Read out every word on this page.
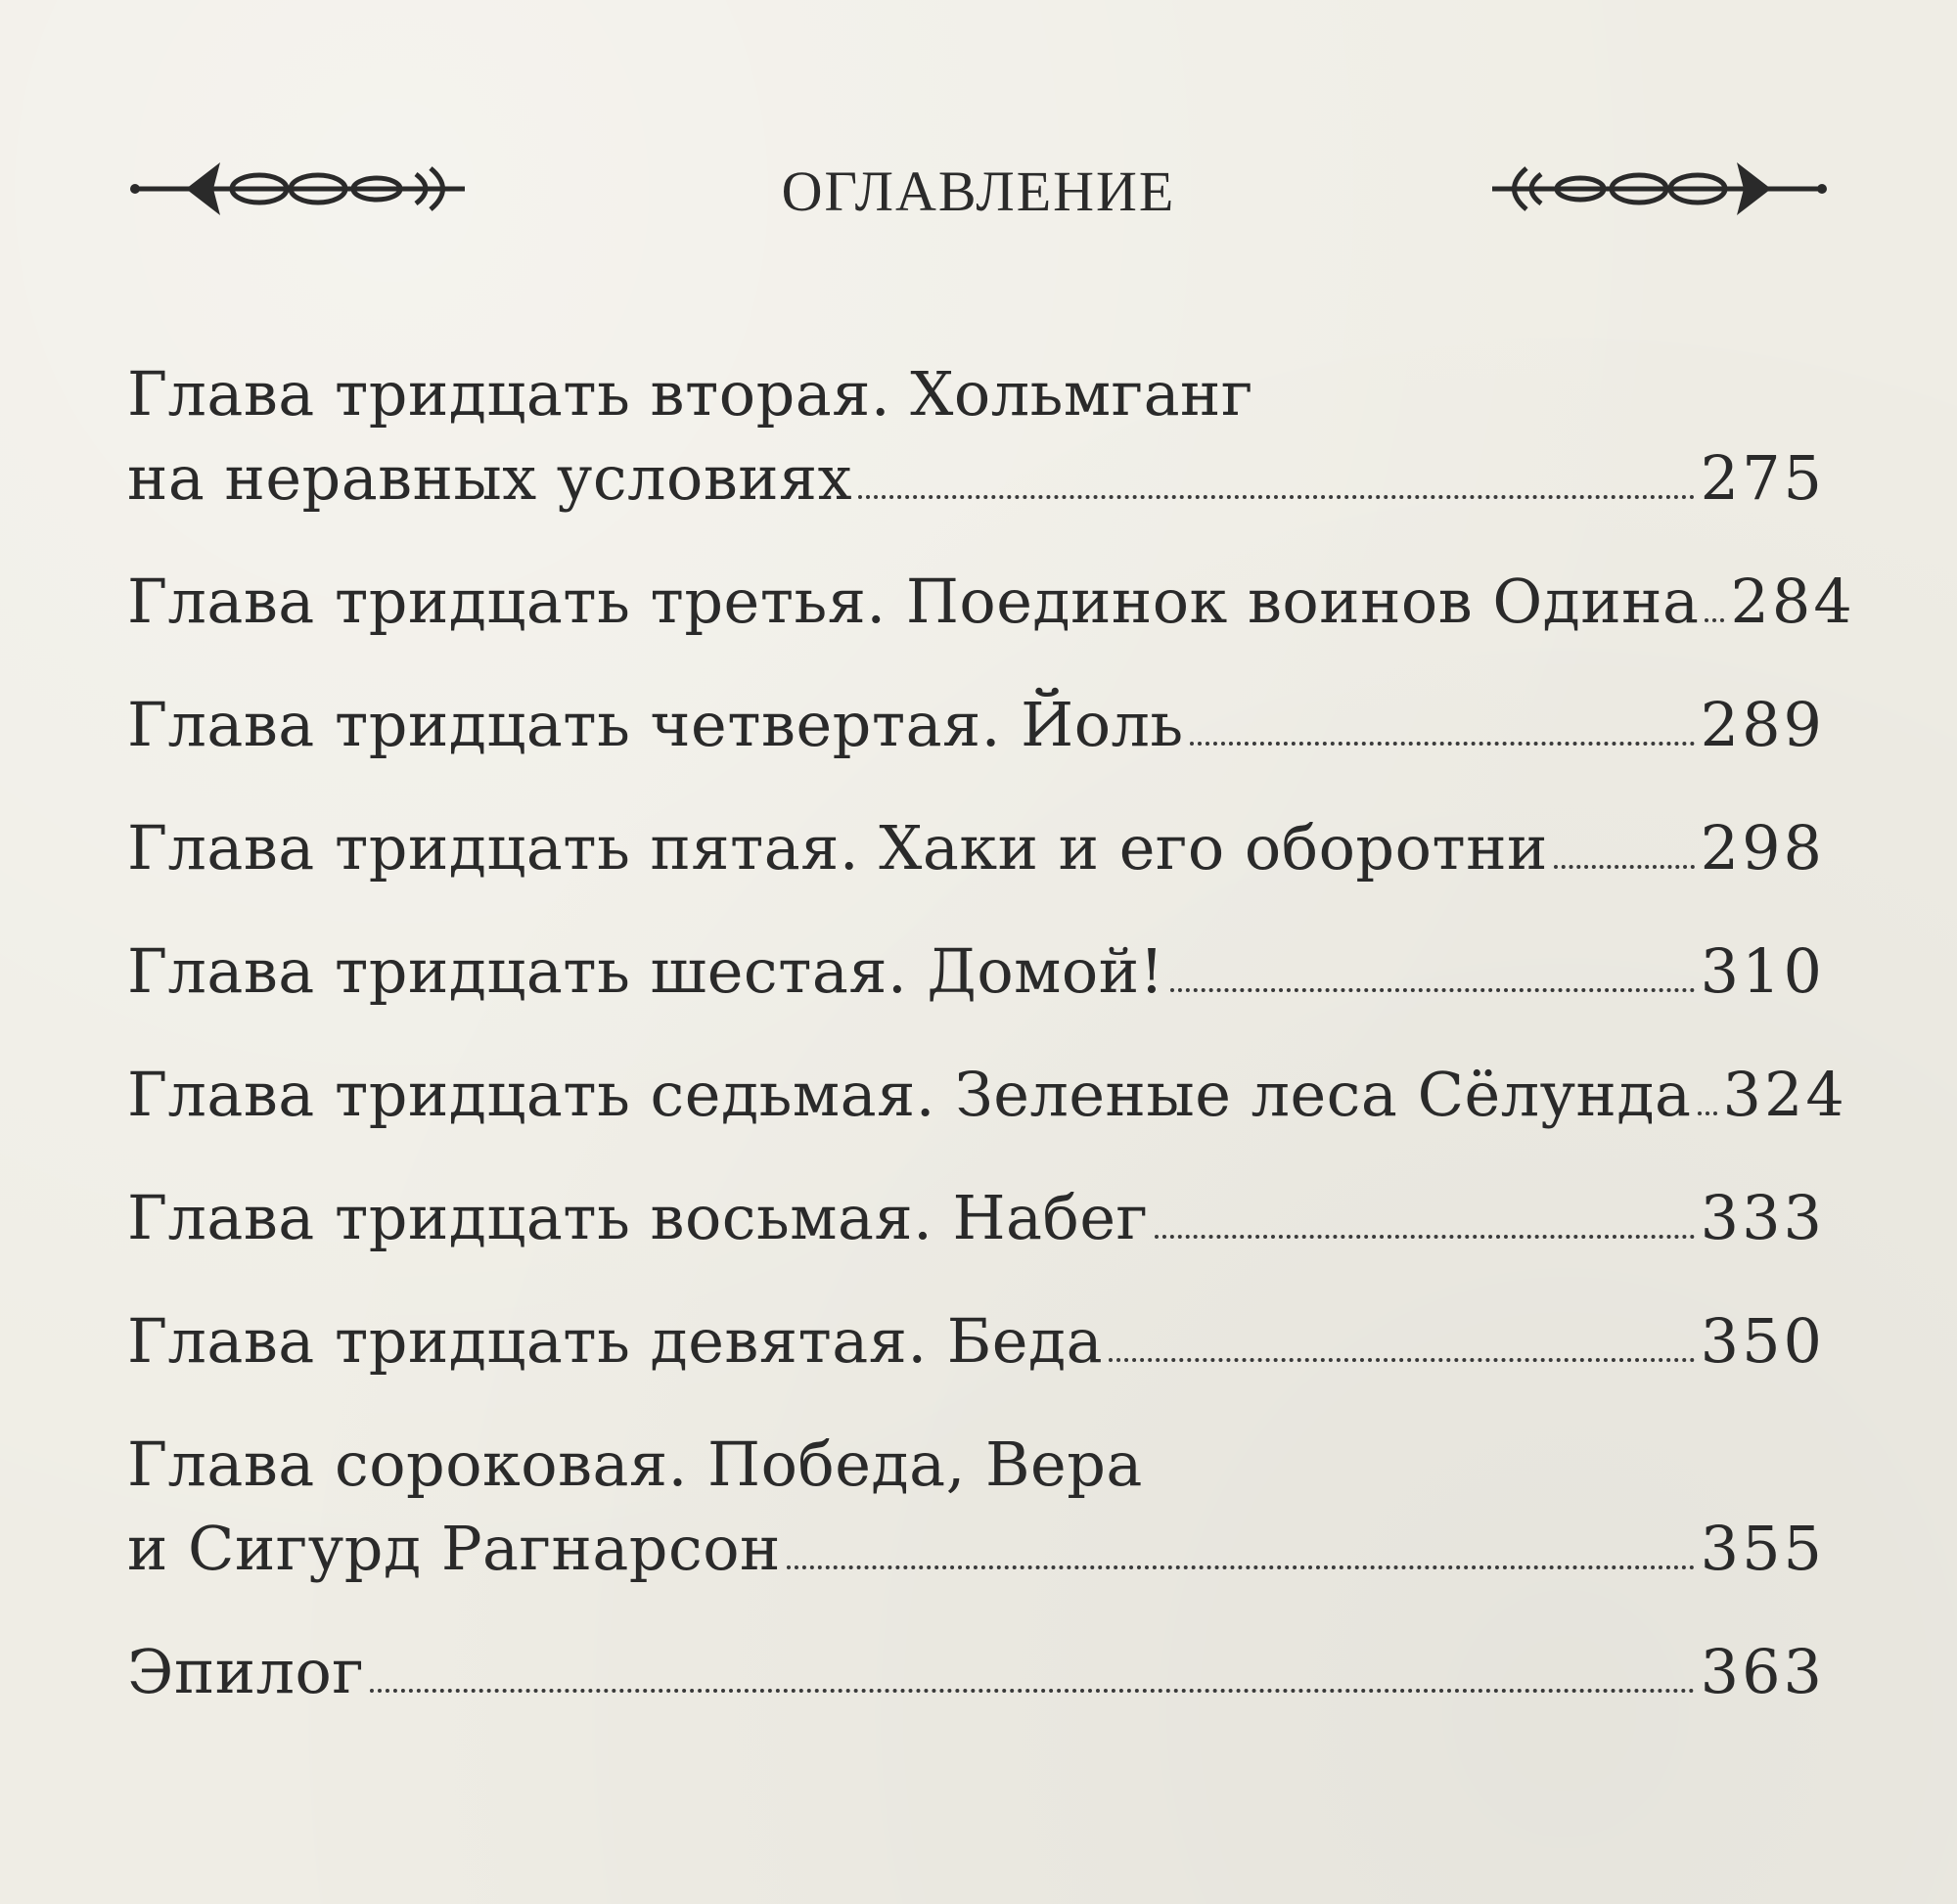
ОГЛАВЛЕНИЕ
Глава тридцать вторая. Хольмганг
на неравных условиях	275
Глава тридцать третья. Поединок воинов Одина 284
Глава тридцать четвертая. Йоль	289
Глава тридцать пятая. Хаки и его оборотни	298
Глава тридцать шестая. Домой!	310
Глава тридцать седьмая. Зеленые леса Сёлунда 324
Глава тридцать восьмая. Набег	333
Глава тридцать девятая. Беда	350
Глава сороковая. Победа, Вера
и Сигурд Рагнарсон	355
Эпилог	363
